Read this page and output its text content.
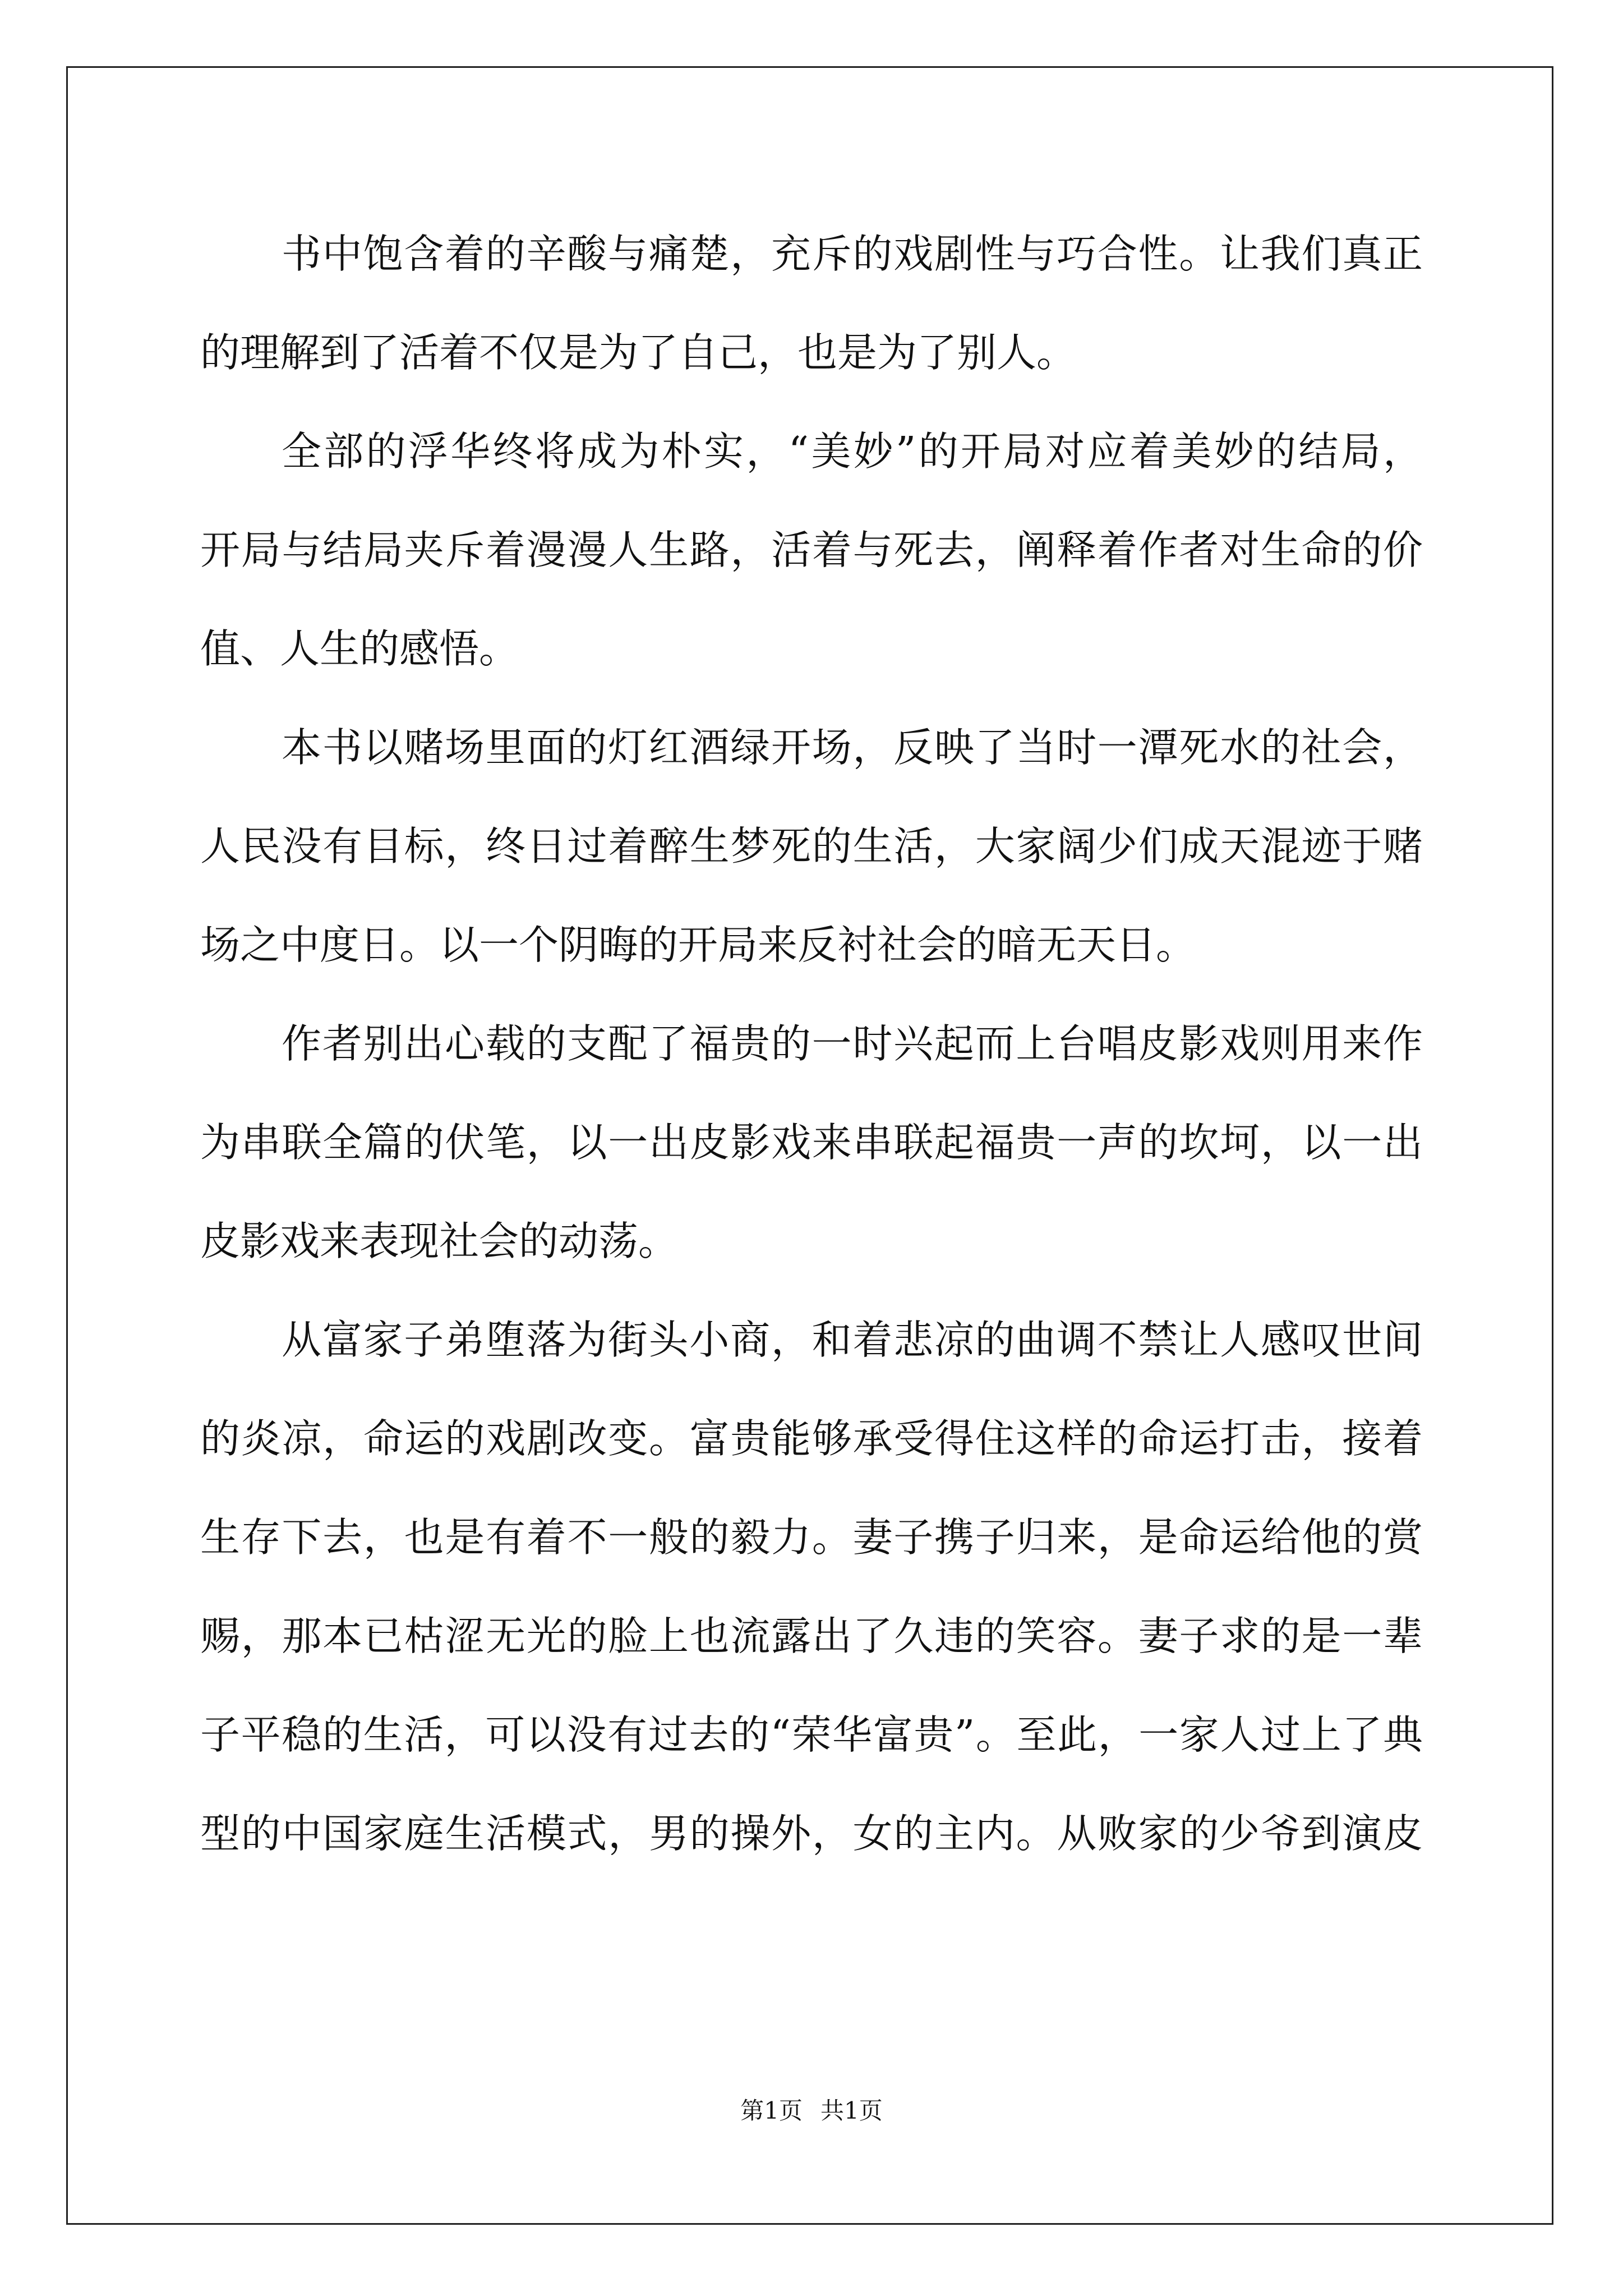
书中饱含着的辛酸与痛楚，充斥的戏剧性与巧合性。让我们真正
的理解到了活着不仅是为了自己，也是为了别人。
全部的浮华终将成为朴实，“美妙”的开局对应着美妙的结局，
开局与结局夹斥着漫漫人生路，活着与死去，阐释着作者对生命的价
值、人生的感悟。
本书以赌场里面的灯红酒绿开场，反映了当时一潭死水的社会，
人民没有目标，终日过着醉生梦死的生活，大家阔少们成天混迹于赌
场之中度日。以一个阴晦的开局来反衬社会的暗无天日。
作者别出心载的支配了福贵的一时兴起而上台唱皮影戏则用来作
为串联全篇的伏笔，以一出皮影戏来串联起福贵一声的坎坷，以一出
皮影戏来表现社会的动荡。
从富家子弟堕落为街头小商，和着悲凉的曲调不禁让人感叹世间
的炎凉，命运的戏剧改变。富贵能够承受得住这样的命运打击，接着
生存下去，也是有着不一般的毅力。妻子携子归来，是命运给他的赏
赐，那本已枯涩无光的脸上也流露出了久违的笑容。妻子求的是一辈
子平稳的生活，可以没有过去的“荣华富贵”。至此，一家人过上了典
型的中国家庭生活模式，男的操外，女的主内。从败家的少爷到演皮
第1页 共1页
